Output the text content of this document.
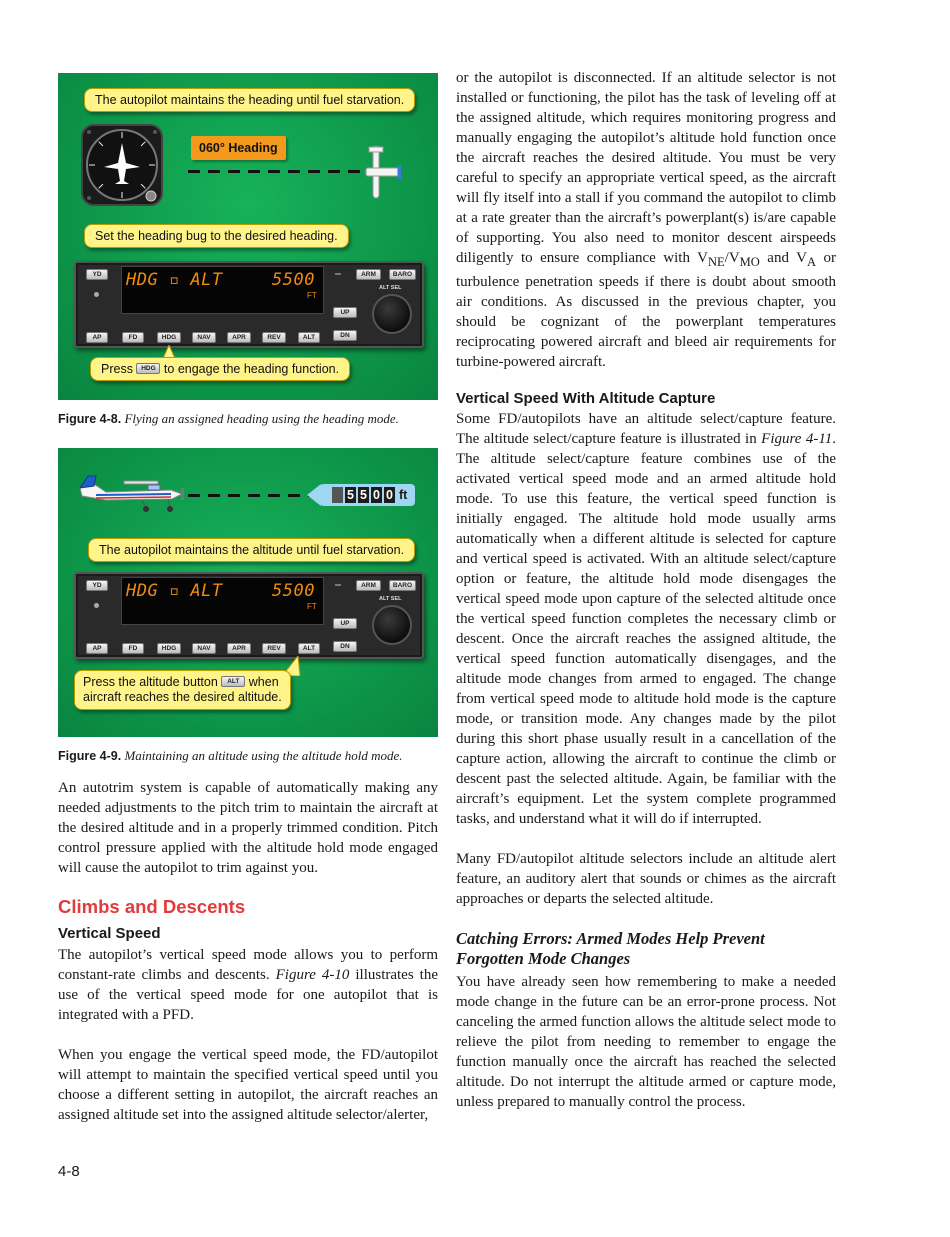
The autopilot maintains the heading until fuel starvation.
060° Heading
Set the heading bug to the desired heading.
YD	HDG ▫ ALT	5500
FT
ARM	BARO
ALT SEL
UP
DN
AP	FD	HDG	NAV	APR	REV	ALT
Press HDG to engage the heading function.
Figure 4-8. Flying an assigned heading using the heading mode.
5 5 0 0 ft
The autopilot maintains the altitude until fuel starvation.
YD	HDG ▫ ALT	5500
FT
ARM	BARO
ALT SEL
UP
DN
AP	FD	HDG	NAV	APR	REV	ALT
Press the altitude button ALT when
aircraft reaches the desired altitude.
Figure 4-9. Maintaining an altitude using the altitude hold mode.

An autotrim system is capable of automatically making any needed adjustments to the pitch trim to maintain the aircraft at the desired altitude and in a properly trimmed condition. Pitch control pressure applied with the altitude hold mode engaged will cause the autopilot to trim against you.

Climbs and Descents
Vertical Speed

The autopilot’s vertical speed mode allows you to perform constant-rate climbs and descents. Figure 4-10 illustrates the use of the vertical speed mode for one autopilot that is integrated with a PFD.

When you engage the vertical speed mode, the FD/autopilot will attempt to maintain the specified vertical speed until you choose a different setting in autopilot, the aircraft reaches an assigned altitude set into the assigned altitude selector/alerter,

or the autopilot is disconnected. If an altitude selector is not installed or functioning, the pilot has the task of leveling off at the assigned altitude, which requires monitoring progress and manually engaging the autopilot’s altitude hold function once the aircraft reaches the desired altitude. You must be very careful to specify an appropriate vertical speed, as the aircraft will fly itself into a stall if you command the autopilot to climb at a rate greater than the aircraft’s powerplant(s) is/are capable of supporting. You also need to monitor descent airspeeds diligently to ensure compliance with $V_{NE}/V_{MO}$ and $V_A$ or turbulence penetration speeds if there is doubt about smooth air conditions. As discussed in the previous chapter, you should be cognizant of the powerplant temperatures reciprocating powered aircraft and bleed air requirements for turbine-powered aircraft.

Vertical Speed With Altitude Capture

Some FD/autopilots have an altitude select/capture feature. The altitude select/capture feature is illustrated in Figure 4-11. The altitude select/capture feature combines use of the activated vertical speed mode and an armed altitude hold mode. To use this feature, the vertical speed function is initially engaged. The altitude hold mode usually arms automatically when a different altitude is selected for capture and vertical speed is activated. With an altitude select/capture option or feature, the altitude hold mode disengages the vertical speed mode upon capture of the selected altitude once the vertical speed function completes the necessary climb or descent. Once the aircraft reaches the assigned altitude, the vertical speed function automatically disengages, and the altitude mode changes from armed to engaged. The change from vertical speed mode to altitude hold mode is the capture mode, or transition mode. Any changes made by the pilot during this short phase usually result in a cancellation of the capture action, allowing the aircraft to continue the climb or descent past the selected altitude. Again, be familiar with the aircraft’s equipment. Let the system complete programmed tasks, and understand what it will do if interrupted.

Many FD/autopilot altitude selectors include an altitude alert feature, an auditory alert that sounds or chimes as the aircraft approaches or departs the selected altitude.

Catching Errors: Armed Modes Help Prevent Forgotten Mode Changes

You have already seen how remembering to make a needed mode change in the future can be an error-prone process. Not canceling the armed function allows the altitude select mode to relieve the pilot from needing to remember to engage the function manually once the aircraft has reached the selected altitude. Do not interrupt the altitude armed or capture mode, unless prepared to manually control the process.

4-8
